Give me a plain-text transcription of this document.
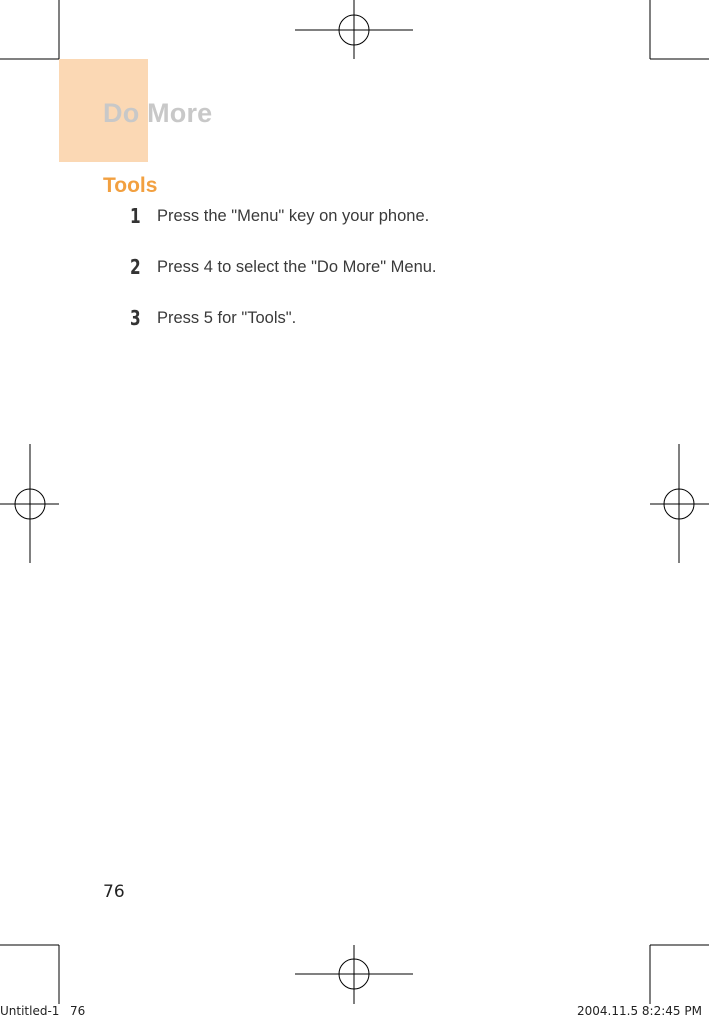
Do More
Tools
1 Press the "Menu" key on your phone.
2 Press 4 to select the "Do More" Menu.
3 Press 5 for "Tools".
76
Untitled-1 76	2004.11.5 8:2:45 PM
